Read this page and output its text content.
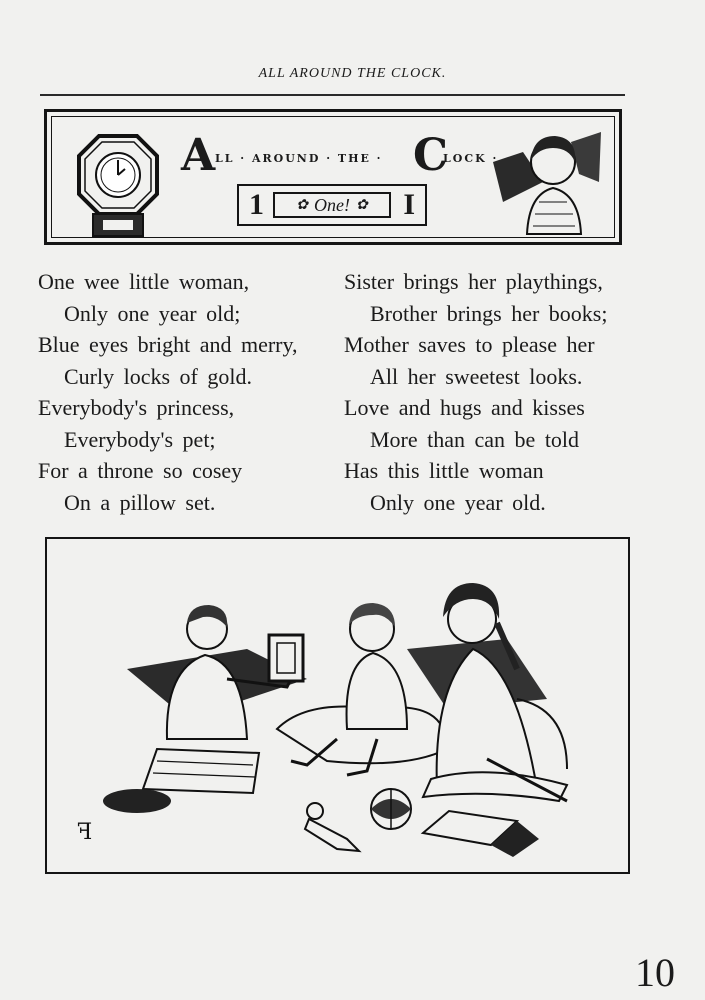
ALL AROUND THE CLOCK.
A
LL · AROUND · THE · C
LOCK ·
1 ✿ One! ✿ I
One wee little woman,
Only one year old;
Blue eyes bright and merry,
Curly locks of gold.
Everybody's princess,
Everybody's pet;
For a throne so cosey
On a pillow set.
Sister brings her playthings,
Brother brings her books;
Mother saves to please her
All her sweetest looks.
Love and hugs and kisses
More than can be told
Has this little woman
Only one year old.
ꟻ
10
